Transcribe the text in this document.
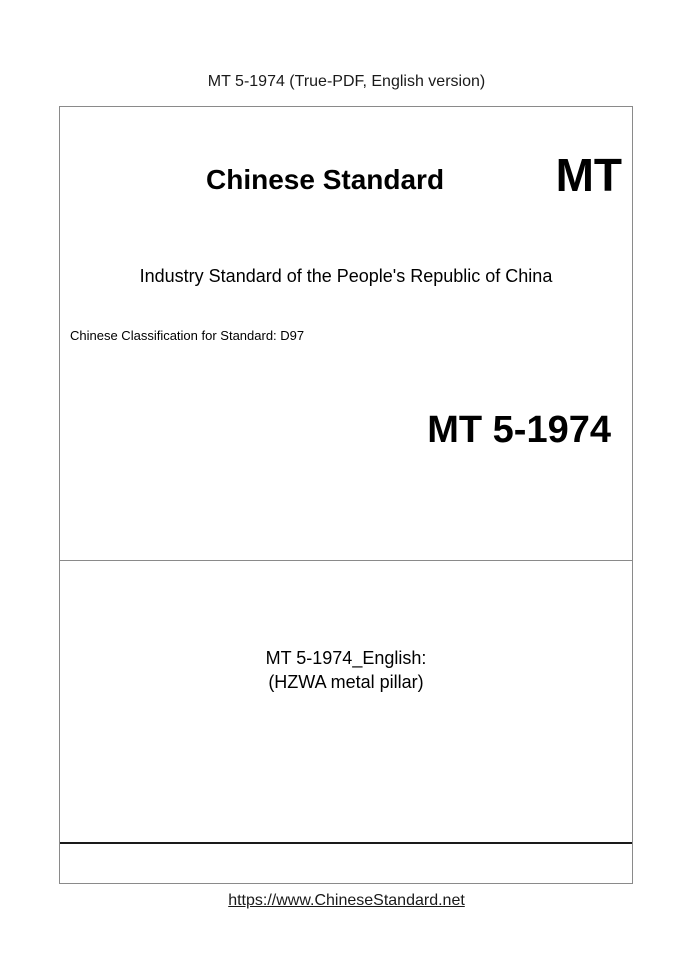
MT 5-1974 (True-PDF, English version)
Chinese Standard MT
Industry Standard of the People's Republic of China
Chinese Classification for Standard: D97
MT 5-1974
MT 5-1974_English:
(HZWA metal pillar)
https://www.ChineseStandard.net
